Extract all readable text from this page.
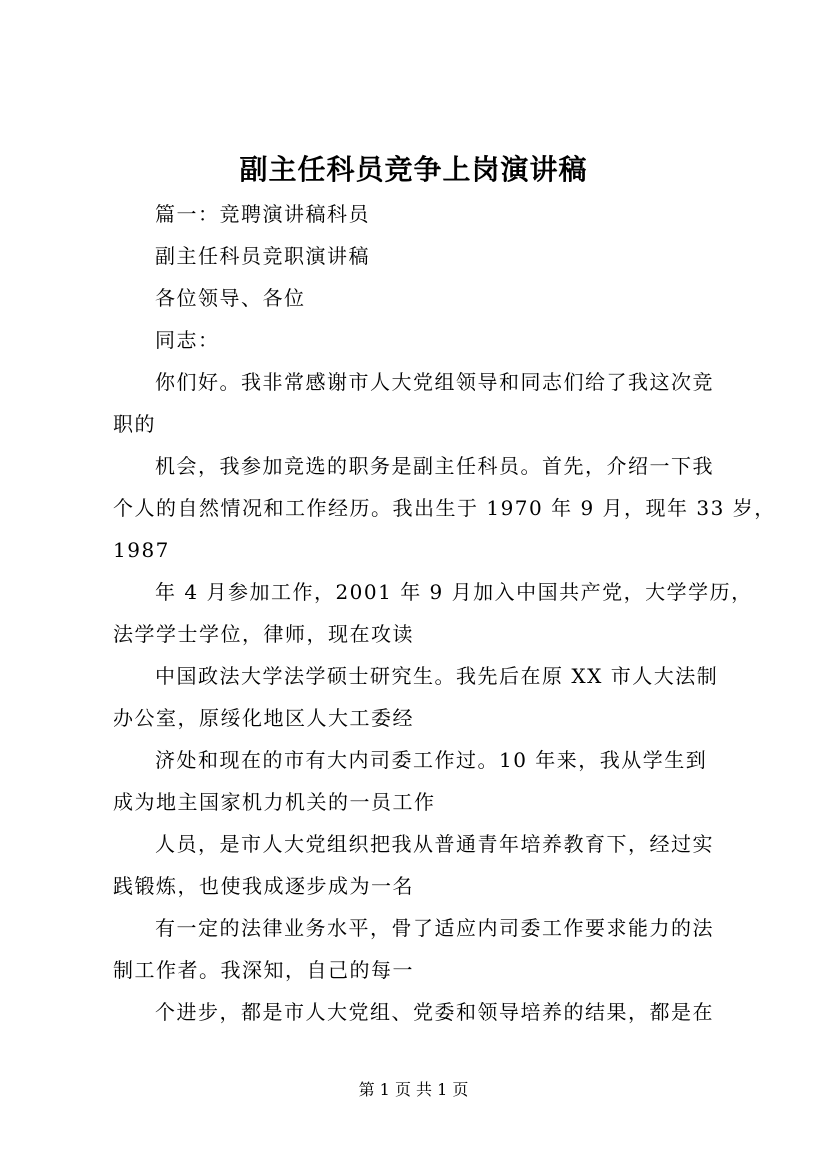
副主任科员竞争上岗演讲稿
篇一：竞聘演讲稿科员
副主任科员竞职演讲稿
各位领导、各位
同志：
你们好。我非常感谢市人大党组领导和同志们给了我这次竞
职的
机会，我参加竞选的职务是副主任科员。首先，介绍一下我
个人的自然情况和工作经历。我出生于 1970 年 9 月，现年 33 岁，
1987
年 4 月参加工作，2001 年 9 月加入中国共产党，大学学历，
法学学士学位，律师，现在攻读
中国政法大学法学硕士研究生。我先后在原 XX 市人大法制
办公室，原绥化地区人大工委经
济处和现在的市有大内司委工作过。10 年来，我从学生到
成为地主国家机力机关的一员工作
人员，是市人大党组织把我从普通青年培养教育下，经过实
践锻炼，也使我成逐步成为一名
有一定的法律业务水平，骨了适应内司委工作要求能力的法
制工作者。我深知，自己的每一
个进步，都是市人大党组、党委和领导培养的结果，都是在
第 1 页 共 1 页
